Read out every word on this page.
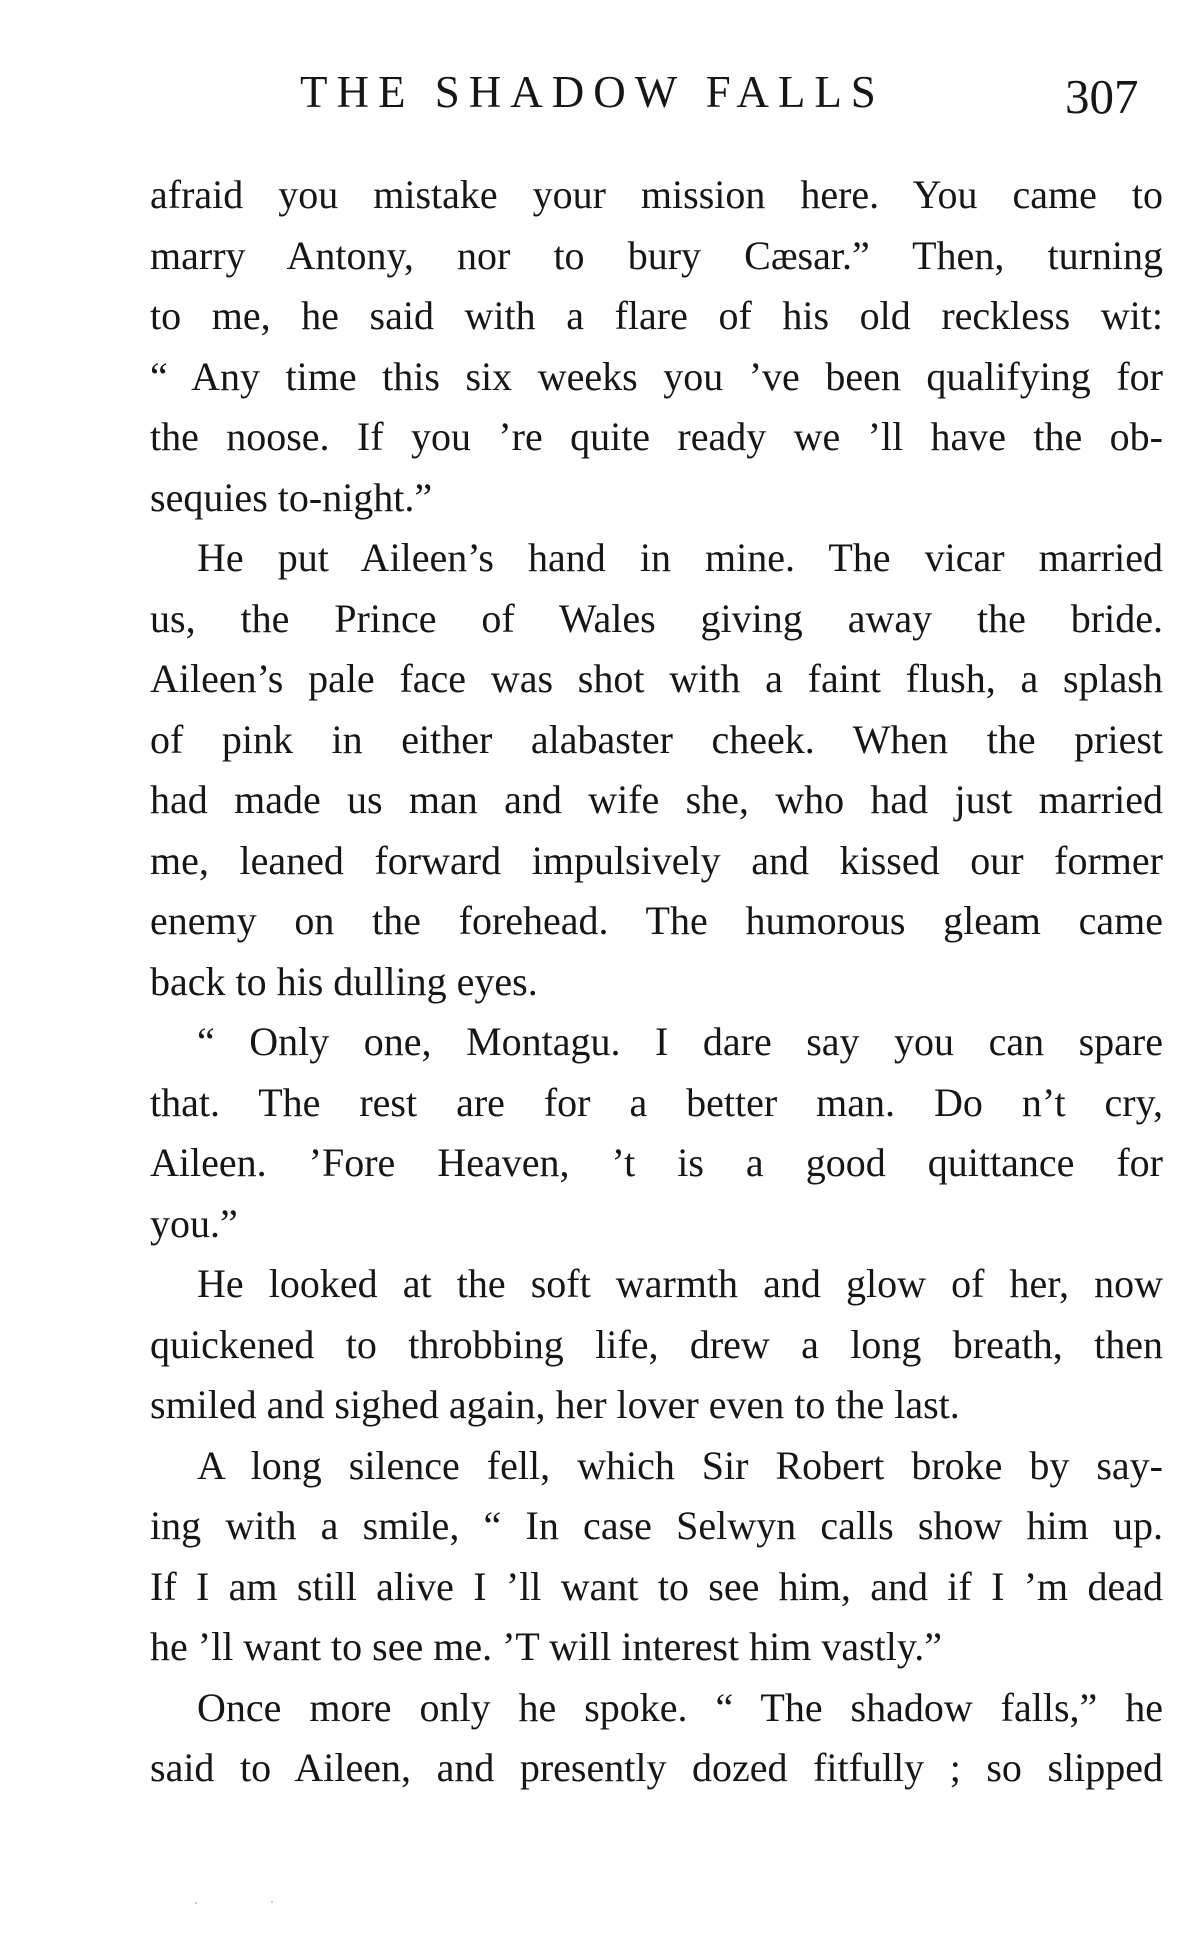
THE SHADOW FALLS	307
afraid you mistake your mission here. You came to
marry Antony, nor to bury Cæsar.” Then, turning
to me, he said with a flare of his old reckless wit:
“ Any time this six weeks you ’ve been qualifying for
the noose. If you ’re quite ready we ’ll have the ob-
sequies to-night.”
He put Aileen’s hand in mine. The vicar married
us, the Prince of Wales giving away the bride.
Aileen’s pale face was shot with a faint flush, a splash
of pink in either alabaster cheek. When the priest
had made us man and wife she, who had just married
me, leaned forward impulsively and kissed our former
enemy on the forehead. The humorous gleam came
back to his dulling eyes.
“ Only one, Montagu. I dare say you can spare
that. The rest are for a better man. Do n’t cry,
Aileen. ’Fore Heaven, ’t is a good quittance for
you.”
He looked at the soft warmth and glow of her, now
quickened to throbbing life, drew a long breath, then
smiled and sighed again, her lover even to the last.
A long silence fell, which Sir Robert broke by say-
ing with a smile, “ In case Selwyn calls show him up.
If I am still alive I ’ll want to see him, and if I ’m dead
he ’ll want to see me. ’T will interest him vastly.”
Once more only he spoke. “ The shadow falls,” he
said to Aileen, and presently dozed fitfully ; so slipped
